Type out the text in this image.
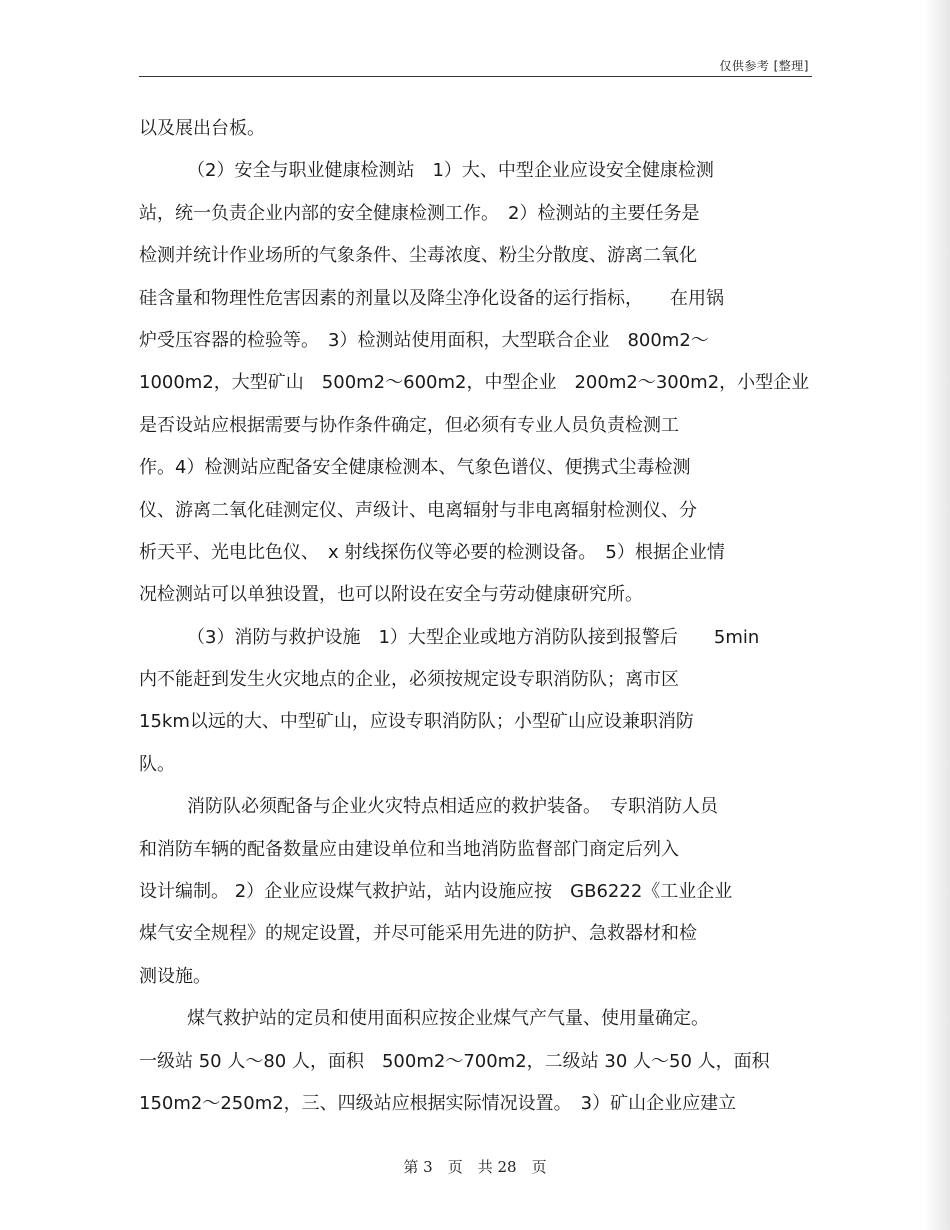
仅供参考 [整理]
以及展出台板。
（2）安全与职业健康检测站　1）大、中型企业应设安全健康检测
站，统一负责企业内部的安全健康检测工作。　2）检测站的主要任务是
检测并统计作业场所的气象条件、尘毒浓度、粉尘分散度、游离二氧化
硅含量和物理性危害因素的剂量以及降尘净化设备的运行指标，　　在用锅
炉受压容器的检验等。　3）检测站使用面积，大型联合企业　800m2～
1000m2，大型矿山　500m2～600m2，中型企业　200m2～300m2，小型企业
是否设站应根据需要与协作条件确定，但必须有专业人员负责检测工
作。4）检测站应配备安全健康检测本、气象色谱仪、便携式尘毒检测
仪、游离二氧化硅测定仪、声级计、电离辐射与非电离辐射检测仪、分
析天平、光电比色仪、　x 射线探伤仪等必要的检测设备。　5）根据企业情
况检测站可以单独设置，也可以附设在安全与劳动健康研究所。
（3）消防与救护设施　1）大型企业或地方消防队接到报警后　　5min
内不能赶到发生火灾地点的企业，必须按规定设专职消防队；离市区
15km以远的大、中型矿山，应设专职消防队；小型矿山应设兼职消防
队。
消防队必须配备与企业火灾特点相适应的救护装备。　专职消防人员
和消防车辆的配备数量应由建设单位和当地消防监督部门商定后列入
设计编制。 2）企业应设煤气救护站，站内设施应按　GB6222《工业企业
煤气安全规程》的规定设置，并尽可能采用先进的防护、急救器材和检
测设施。
煤气救护站的定员和使用面积应按企业煤气产气量、使用量确定。
一级站 50 人～80 人，面积　500m2～700m2，二级站 30 人～50 人，面积
150m2～250m2，三、四级站应根据实际情况设置。　3）矿山企业应建立
第 3　页　共 28　页
